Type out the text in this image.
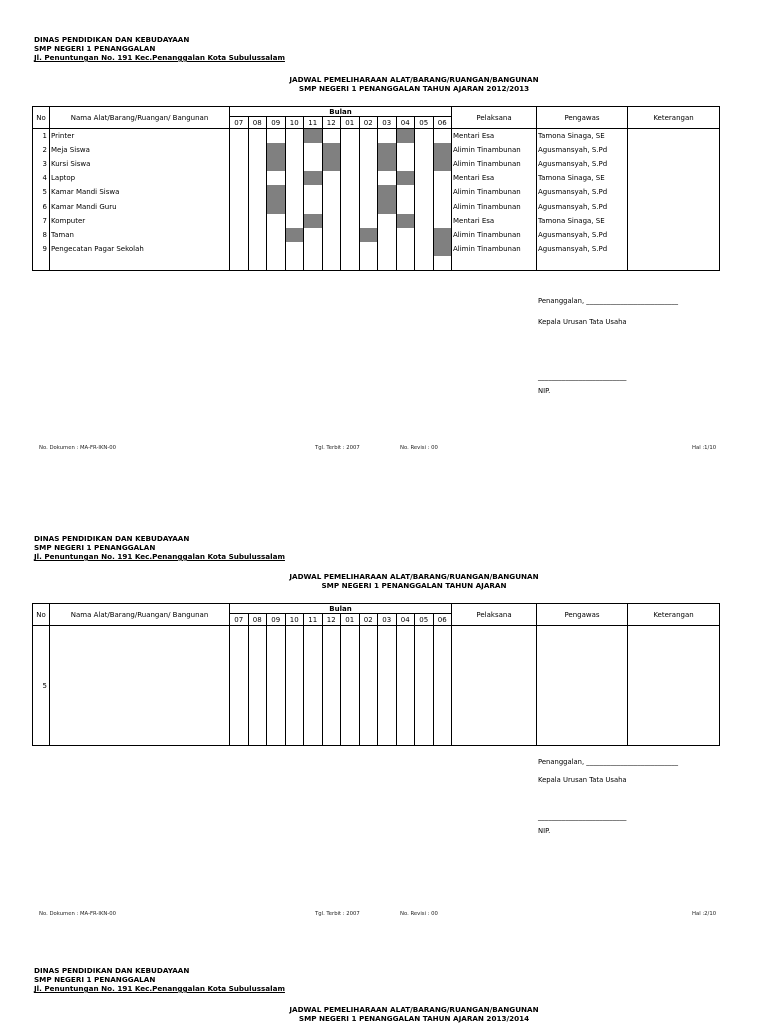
DINAS PENDIDIKAN DAN KEBUDAYAAN
SMP NEGERI 1 PENANGGALAN
Jl. Penuntungan No. 191 Kec.Penanggalan Kota Subulussalam
JADWAL PEMELIHARAAN ALAT/BARANG/RUANGAN/BANGUNAN
SMP NEGERI 1 PENANGGALAN TAHUN AJARAN 2012/2013
No	Nama Alat/Barang/Ruangan/ Bangunan	Bulan												Pelaksana	Pengawas	Keterangan
		07	08	09	10	11	12	01	02	03	04	05	06			
1	Printer													Mentari Esa	Tamona Sinaga, SE	
2	Meja Siswa													Alimin Tinambunan	Agusmansyah, S.Pd	
3	Kursi Siswa													Alimin Tinambunan	Agusmansyah, S.Pd	
4	Laptop													Mentari Esa	Tamona Sinaga, SE	
5	Kamar Mandi Siswa													Alimin Tinambunan	Agusmansyah, S.Pd	
6	Kamar Mandi Guru													Alimin Tinambunan	Agusmansyah, S.Pd	
7	Komputer													Mentari Esa	Tamona Sinaga, SE	
8	Taman													Alimin Tinambunan	Agusmansyah, S.Pd	
9	Pengecatan Pagar Sekolah													Alimin Tinambunan	Agusmansyah, S.Pd	

Penanggalan, ___________________________
Kepala Urusan Tata Usaha
__________________________
NIP.
No. Dokumen : MA-FR-IKN-00	Tgl. Terbit : 2007	No. Revisi : 00	Hal :1/10
DINAS PENDIDIKAN DAN KEBUDAYAAN
SMP NEGERI 1 PENANGGALAN
Jl. Penuntungan No. 191 Kec.Penanggalan Kota Subulussalam
JADWAL PEMELIHARAAN ALAT/BARANG/RUANGAN/BANGUNAN
SMP NEGERI 1 PENANGGALAN TAHUN AJARAN
No	Nama Alat/Barang/Ruangan/ Bangunan	Bulan												Pelaksana	Pengawas	Keterangan
		07	08	09	10	11	12	01	02	03	04	05	06			
5																
Penanggalan, ___________________________
Kepala Urusan Tata Usaha
__________________________
NIP.
No. Dokumen : MA-FR-IKN-00	Tgl. Terbit : 2007	No. Revisi : 00	Hal :2/10
DINAS PENDIDIKAN DAN KEBUDAYAAN
SMP NEGERI 1 PENANGGALAN
Jl. Penuntungan No. 191 Kec.Penanggalan Kota Subulussalam
JADWAL PEMELIHARAAN ALAT/BARANG/RUANGAN/BANGUNAN
SMP NEGERI 1 PENANGGALAN TAHUN AJARAN 2013/2014
